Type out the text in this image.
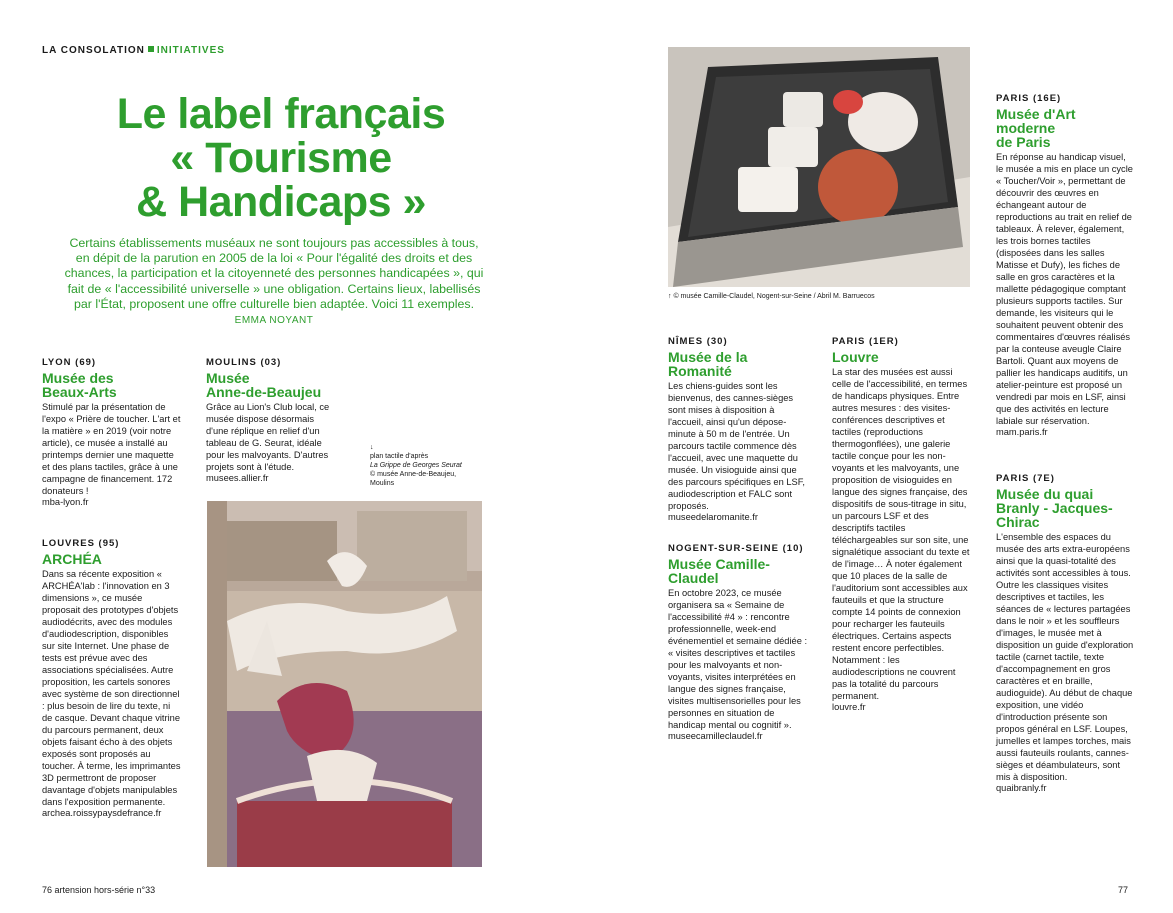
LA CONSOLATION INITIATIVES
Le label français
« Tourisme
& Handicaps »
Certains établissements muséaux ne sont toujours pas accessibles à tous, en dépit de la parution en 2005 de la loi « Pour l'égalité des droits et des chances, la participation et la citoyenneté des personnes handicapées », qui fait de « l'accessibilité universelle » une obligation. Certains lieux, labellisés par l'État, proposent une offre culturelle bien adaptée. Voici 11 exemples. EMMA NOYANT
LYON (69)
Musée des
Beaux-Arts

Stimulé par la présentation de l'expo « Prière de toucher. L'art et la matière » en 2019 (voir notre article), ce musée a installé au printemps dernier une maquette et des plans tactiles, grâce à une campagne de financement. 172 donateurs !

mba-lyon.fr

MOULINS (03)
Musée
Anne-de-Beaujeu

Grâce au Lion's Club local, ce musée dispose désormais d'une réplique en relief d'un tableau de G. Seurat, idéale pour les malvoyants. D'autres projets sont à l'étude.

musees.allier.fr

↓
plan tactile d'après
La Grippe de Georges Seurat
© musée Anne-de-Beaujeu,
Moulins
LOUVRES (95)
ARCHÉA

Dans sa récente exposition « ARCHÉA'lab : l'innovation en 3 dimensions », ce musée proposait des prototypes d'objets audiodécrits, avec des modules d'audiodescription, disponibles sur site Internet. Une phase de tests est prévue avec des associations spécialisées. Autre proposition, les cartels sonores avec système de son directionnel : plus besoin de lire du texte, ni de casque. Devant chaque vitrine du parcours permanent, deux objets faisant écho à des objets exposés sont proposés au toucher. À terme, les imprimantes 3D permettront de proposer davantage d'objets manipulables dans l'exposition permanente.

archea.roissypaysdefrance.fr

↑ © musée Camille-Claudel, Nogent-sur-Seine / Abril M. Barruecos
NÎMES (30)
Musée de la
Romanité

Les chiens-guides sont les bienvenus, des cannes-sièges sont mises à disposition à l'accueil, ainsi qu'un dépose-minute à 50 m de l'entrée. Un parcours tactile commence dès l'accueil, avec une maquette du musée. Un visioguide ainsi que des parcours spécifiques en LSF, audiodescription et FALC sont proposés.

museedelaromanite.fr

NOGENT-SUR-SEINE (10)
Musée Camille-
Claudel

En octobre 2023, ce musée organisera sa « Semaine de l'accessibilité #4 » : rencontre professionnelle, week-end événementiel et semaine dédiée : « visites descriptives et tactiles pour les malvoyants et non-voyants, visites interprétées en langue des signes française, visites multisensorielles pour les personnes en situation de handicap mental ou cognitif ».

museecamilleclaudel.fr

PARIS (1ER)
Louvre

La star des musées est aussi celle de l'accessibilité, en termes de handicaps physiques. Entre autres mesures : des visites-conférences descriptives et tactiles (reproductions thermogonflées), une galerie tactile conçue pour les non-voyants et les malvoyants, une proposition de visioguides en langue des signes française, des dispositifs de sous-titrage in situ, un parcours LSF et des descriptifs tactiles téléchargeables sur son site, une signalétique associant du texte et de l'image… À noter également que 10 places de la salle de l'auditorium sont accessibles aux fauteuils et que la structure compte 14 points de connexion pour recharger les fauteuils électriques. Certains aspects restent encore perfectibles. Notamment : les audiodescriptions ne couvrent pas la totalité du parcours permanent.

louvre.fr

PARIS (16E)
Musée d'Art
moderne
de Paris

En réponse au handicap visuel, le musée a mis en place un cycle « Toucher/Voir », permettant de découvrir des œuvres en échangeant autour de reproductions au trait en relief de tableaux. À relever, également, les trois bornes tactiles (disposées dans les salles Matisse et Dufy), les fiches de salle en gros caractères et la mallette pédagogique comptant plusieurs supports tactiles. Sur demande, les visiteurs qui le souhaitent peuvent obtenir des commentaires d'œuvres réalisés par la conteuse aveugle Claire Bartoli. Quant aux moyens de pallier les handicaps auditifs, un atelier-peinture est proposé un vendredi par mois en LSF, ainsi que des activités en lecture labiale sur réservation.

mam.paris.fr

PARIS (7E)
Musée du quai
Branly - Jacques-
Chirac

L'ensemble des espaces du musée des arts extra-européens ainsi que la quasi-totalité des activités sont accessibles à tous. Outre les classiques visites descriptives et tactiles, les séances de « lectures partagées dans le noir » et les souffleurs d'images, le musée met à disposition un guide d'exploration tactile (carnet tactile, texte d'accompagnement en gros caractères et en braille, audioguide). Au début de chaque exposition, une vidéo d'introduction présente son propos général en LSF. Loupes, jumelles et lampes torches, mais aussi fauteuils roulants, cannes-sièges et déambulateurs, sont mis à disposition.

quaibranly.fr

76 artension hors-série n°33	77
